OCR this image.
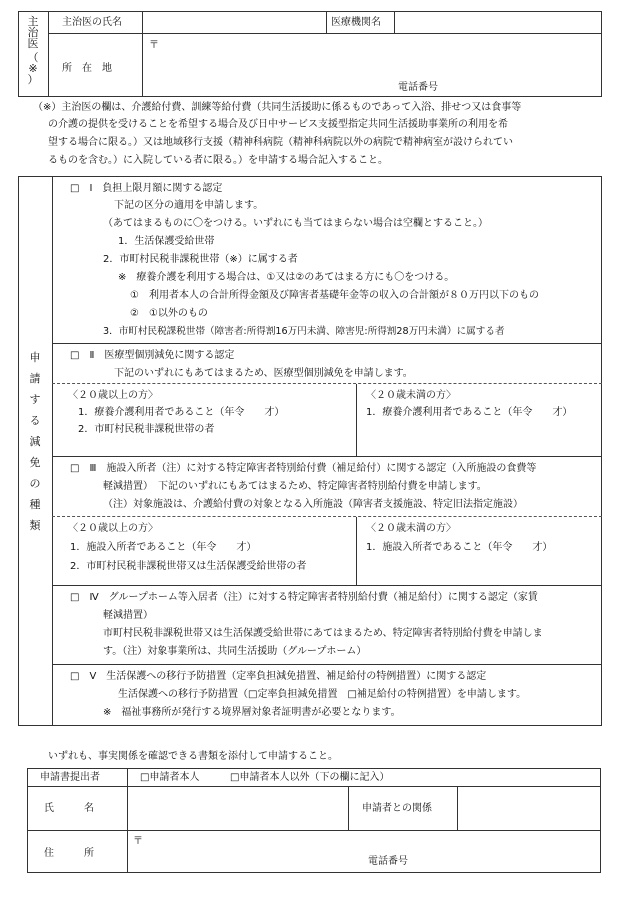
主
治
医
（
※
）
主治医の氏名	医療機関名
所　在　地
〒
電話番号
（※）主治医の欄は、介護給付費、訓練等給付費（共同生活援助に係るものであって入浴、排せつ又は食事等
の介護の提供を受けることを希望する場合及び日中サービス支援型指定共同生活援助事業所の利用を希
望する場合に限る。）又は地域移行支援（精神科病院（精神科病院以外の病院で精神病室が設けられてい
るものを含む。）に入院している者に限る。）を申請する場合記入すること。
申
請
す
る
減
免
の
種
類
□　Ⅰ　負担上限月額に関する認定
下記の区分の適用を申請します。
（あてはまるものに〇をつける。いずれにも当てはまらない場合は空欄とすること。）
1．生活保護受給世帯
2．市町村民税非課税世帯（※）に属する者
※　療養介護を利用する場合は、①又は②のあてはまる方にも〇をつける。
①　利用者本人の合計所得金額及び障害者基礎年金等の収入の合計額が８０万円以下のもの
②　①以外のもの
3．市町村民税課税世帯（障害者:所得割16万円未満、障害児:所得割28万円未満）に属する者
□　Ⅱ　医療型個別減免に関する認定
下記のいずれにもあてはまるため、医療型個別減免を申請します。
〈２０歳以上の方〉
1．療養介護利用者であること（年令　　才）
2．市町村民税非課税世帯の者
〈２０歳未満の方〉
1．療養介護利用者であること（年令　　才）
□　Ⅲ　施設入所者（注）に対する特定障害者特別給付費（補足給付）に関する認定（入所施設の食費等
軽減措置）　下記のいずれにもあてはまるため、特定障害者特別給付費を申請します。
（注）対象施設は、介護給付費の対象となる入所施設（障害者支援施設、特定旧法指定施設）
〈２０歳以上の方〉
1．施設入所者であること（年令　　才）
2．市町村民税非課税世帯又は生活保護受給世帯の者
〈２０歳未満の方〉
1．施設入所者であること（年令　　才）
□　Ⅳ　グループホーム等入居者（注）に対する特定障害者特別給付費（補足給付）に関する認定（家賃
軽減措置）
市町村民税非課税世帯又は生活保護受給世帯にあてはまるため、特定障害者特別給付費を申請しま
す。（注）対象事業所は、共同生活援助（グループホーム）
□　Ⅴ　生活保護への移行予防措置（定率負担減免措置、補足給付の特例措置）に関する認定
生活保護への移行予防措置（□定率負担減免措置　□補足給付の特例措置）を申請します。
※　福祉事務所が発行する境界層対象者証明書が必要となります。
いずれも、事実関係を確認できる書類を添付して申請すること。
申請書提出者	□申請者本人	□申請者本人以外（下の欄に記入）
氏　　　名	申請者との関係
住　　　所
〒
電話番号
